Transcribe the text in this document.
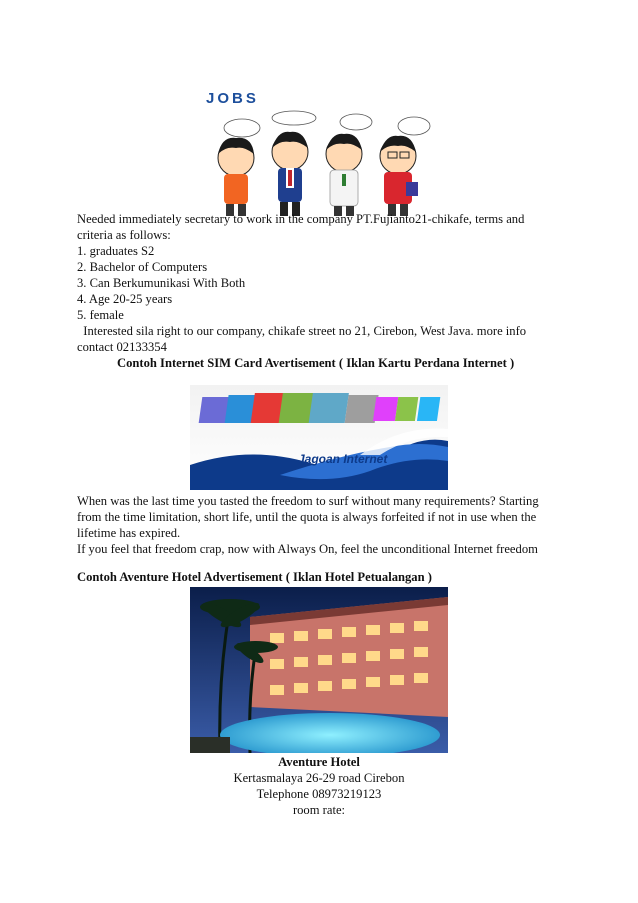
JOBS
Needed immediately secretary to work in the company PT.Fujianto21-chikafe, terms and
criteria as follows:
1. graduates S2
2. Bachelor of Computers
3. Can Berkumunikasi With Both
4. Age 20-25 years
5. female
Interested sila right to our company, chikafe street no 21, Cirebon, West Java. more info
contact 02133354
Contoh Internet SIM Card Avertisement ( Iklan Kartu Perdana Internet )
Jagoan Internet
When was the last time you tasted the freedom to surf without many requirements? Starting
from the time limitation, short life, until the quota is always forfeited if not in use when the
lifetime has expired.
If you feel that freedom crap, now with Always On, feel the unconditional Internet freedom
Contoh Aventure Hotel Advertisement ( Iklan Hotel Petualangan )
Aventure Hotel
Kertasmalaya 26-29 road Cirebon
Telephone 08973219123
room rate:
